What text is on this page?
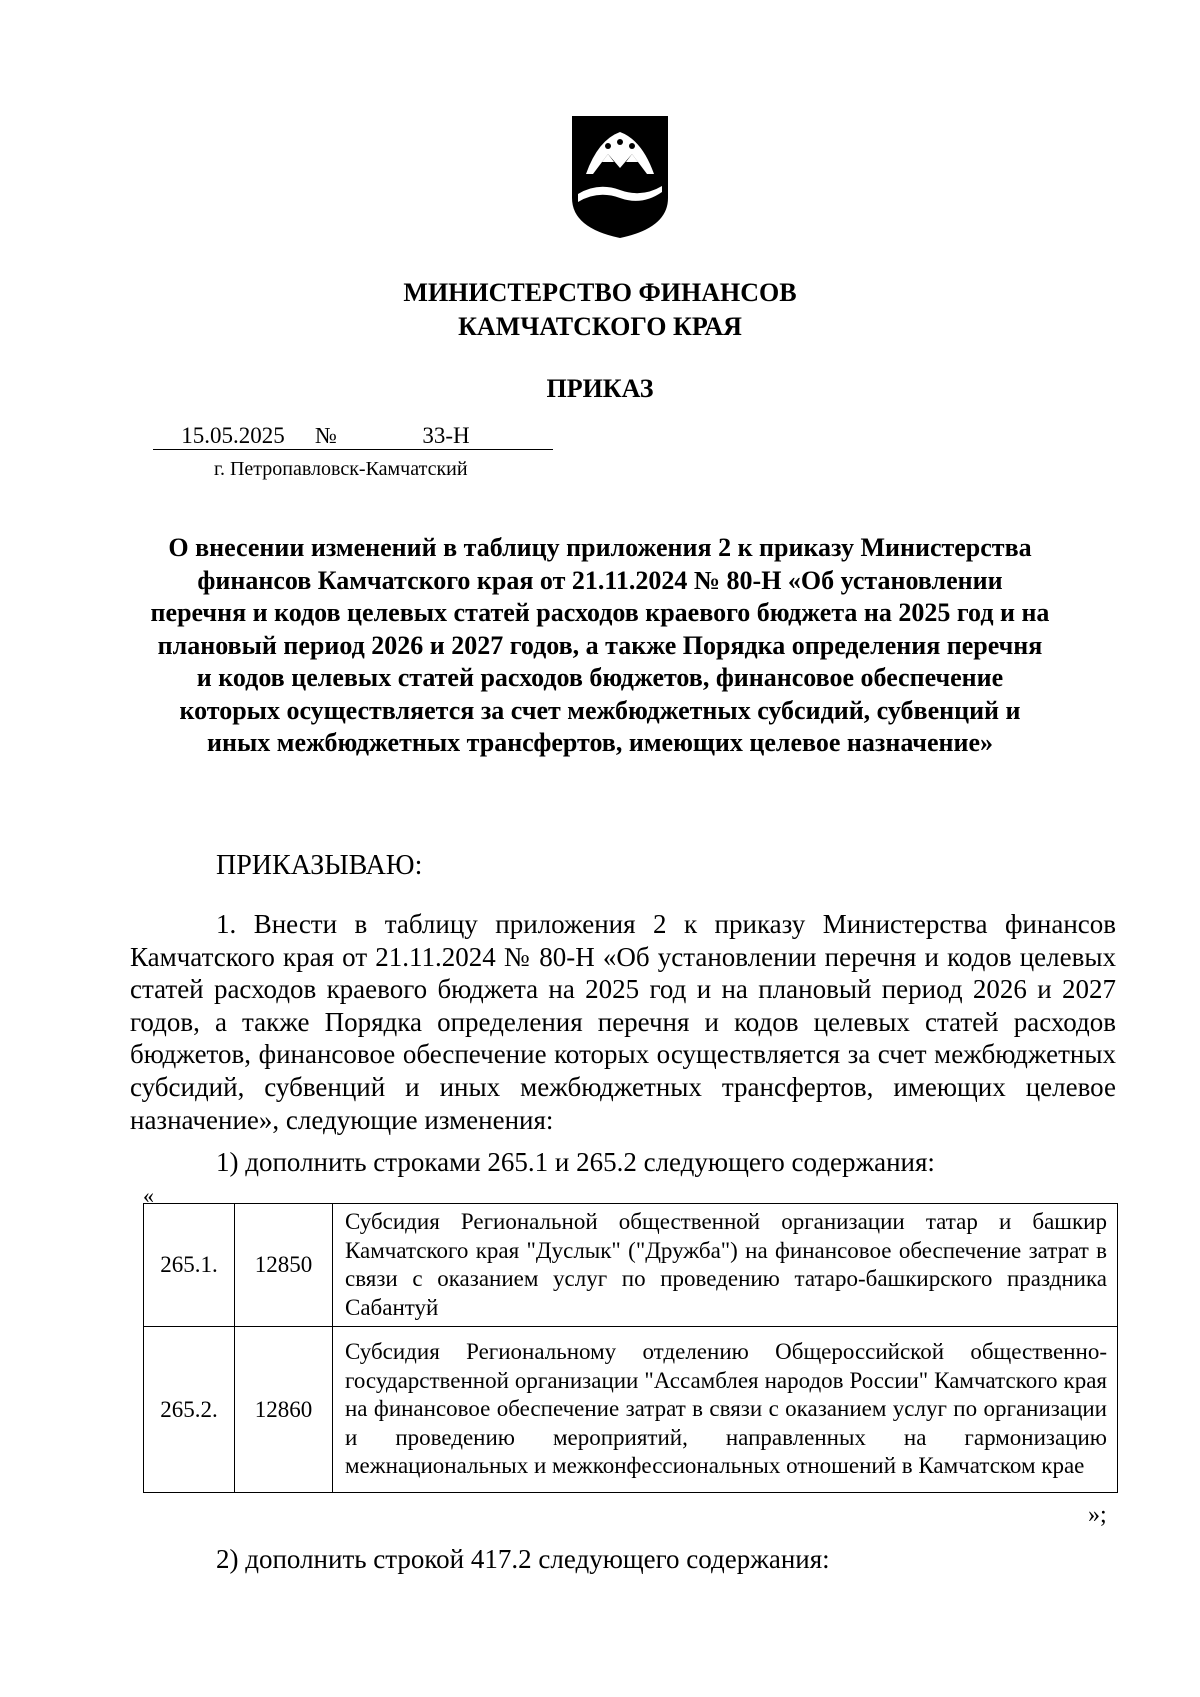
МИНИСТЕРСТВО ФИНАНСОВ
КАМЧАТСКОГО КРАЯ
ПРИКАЗ
15.05.2025 №	33-Н
г. Петропавловск-Камчатский
О внесении изменений в таблицу приложения 2 к приказу Министерства финансов Камчатского края от 21.11.2024 № 80-Н «Об установлении перечня и кодов целевых статей расходов краевого бюджета на 2025 год и на плановый период 2026 и 2027 годов, а также Порядка определения перечня и кодов целевых статей расходов бюджетов, финансовое обеспечение которых осуществляется за счет межбюджетных субсидий, субвенций и иных межбюджетных трансфертов, имеющих целевое назначение»
ПРИКАЗЫВАЮ:
1. Внести в таблицу приложения 2 к приказу Министерства финансов Камчатского края от 21.11.2024 № 80-Н «Об установлении перечня и кодов целевых статей расходов краевого бюджета на 2025 год и на плановый период 2026 и 2027 годов, а также Порядка определения перечня и кодов целевых статей расходов бюджетов, финансовое обеспечение которых осуществляется за счет межбюджетных субсидий, субвенций и иных межбюджетных трансфертов, имеющих целевое назначение», следующие изменения:
1) дополнить строками 265.1 и 265.2 следующего содержания:
«
265.1.	12850	Субсидия Региональной общественной организации татар и башкир Камчатского края "Дуслык" ("Дружба") на финансовое обеспечение затрат в связи с оказанием услуг по проведению татаро-башкирского праздника Сабантуй
265.2.	12860	Субсидия Региональному отделению Общероссийской общественно-государственной организации "Ассамблея народов России" Камчатского края на финансовое обеспечение затрат в связи с оказанием услуг по организации и проведению мероприятий, направленных на гармонизацию межнациональных и межконфессиональных отношений в Камчатском крае
»;
2) дополнить строкой 417.2 следующего содержания:
